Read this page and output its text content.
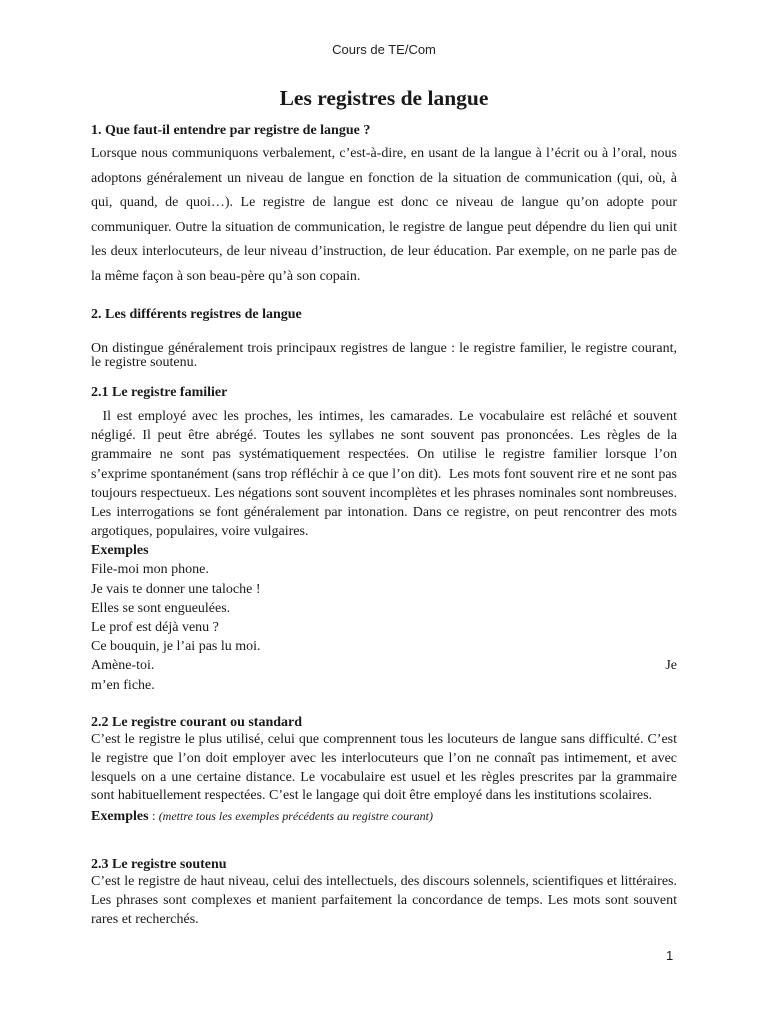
Cours de TE/Com
Les registres de langue
1. Que faut-il entendre par registre de langue ?
Lorsque nous communiquons verbalement, c’est-à-dire, en usant de la langue à l’écrit ou à l’oral, nous adoptons généralement un niveau de langue en fonction de la situation de communication (qui, où, à qui, quand, de quoi…). Le registre de langue est donc ce niveau de langue qu’on adopte pour communiquer. Outre la situation de communication, le registre de langue peut dépendre du lien qui unit les deux interlocuteurs, de leur niveau d’instruction, de leur éducation. Par exemple, on ne parle pas de la même façon à son beau-père qu’à son copain.
2. Les différents registres de langue
On distingue généralement trois principaux registres de langue : le registre familier, le registre courant, le registre soutenu.
2.1 Le registre familier
Il est employé avec les proches, les intimes, les camarades. Le vocabulaire est relâché et souvent négligé. Il peut être abrégé. Toutes les syllabes ne sont souvent pas prononcées. Les règles de la grammaire ne sont pas systématiquement respectées. On utilise le registre familier lorsque l’on s’exprime spontanément (sans trop réfléchir à ce que l’on dit).  Les mots font souvent rire et ne sont pas toujours respectueux. Les négations sont souvent incomplètes et les phrases nominales sont nombreuses. Les interrogations se font généralement par intonation. Dans ce registre, on peut rencontrer des mots argotiques, populaires, voire vulgaires.
Exemples
File-moi mon phone.
Je vais te donner une taloche !
Elles se sont engueulées.
Le prof est déjà venu ?
Ce bouquin, je l’ai pas lu moi.
Amène-toi.	Je
m’en fiche.
2.2 Le registre courant ou standard
C’est le registre le plus utilisé, celui que comprennent tous les locuteurs de langue sans difficulté. C’est le registre que l’on doit employer avec les interlocuteurs que l’on ne connaît pas intimement, et avec lesquels on a une certaine distance. Le vocabulaire est usuel et les règles prescrites par la grammaire sont habituellement respectées. C’est le langage qui doit être employé dans les institutions scolaires.
Exemples : (mettre tous les exemples précédents au registre courant)
2.3 Le registre soutenu
C’est le registre de haut niveau, celui des intellectuels, des discours solennels, scientifiques et littéraires. Les phrases sont complexes et manient parfaitement la concordance de temps. Les mots sont souvent rares et recherchés.
1
